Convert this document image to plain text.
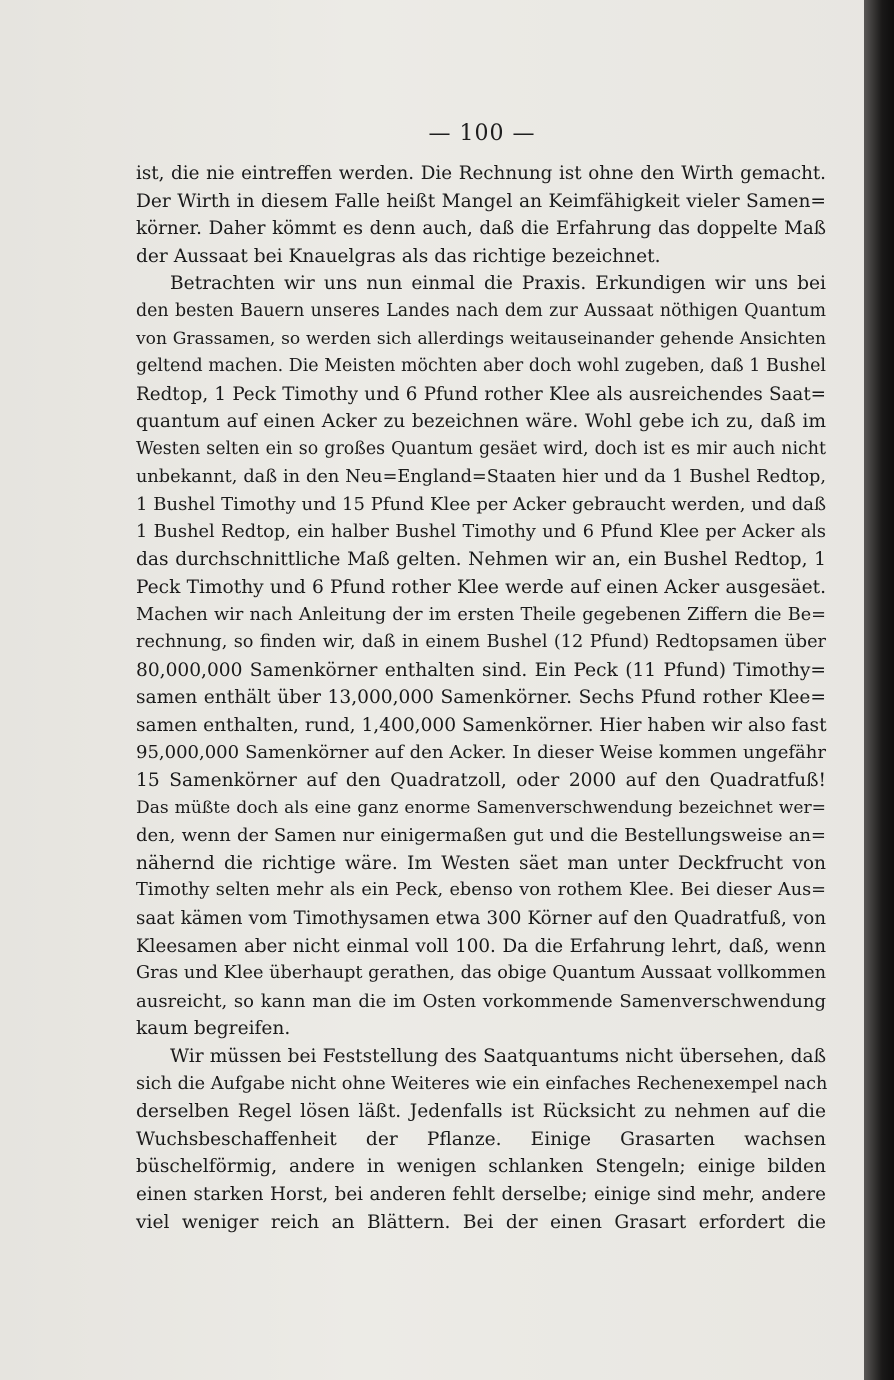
— 100 —
ist, die nie eintreffen werden. Die Rechnung ist ohne den Wirth gemacht.
Der Wirth in diesem Falle heißt Mangel an Keimfähigkeit vieler Samen=
körner. Daher kömmt es denn auch, daß die Erfahrung das doppelte Maß
der Aussaat bei Knauelgras als das richtige bezeichnet.
Betrachten wir uns nun einmal die Praxis. Erkundigen wir uns bei
den besten Bauern unseres Landes nach dem zur Aussaat nöthigen Quantum
von Grassamen, so werden sich allerdings weitauseinander gehende Ansichten
geltend machen. Die Meisten möchten aber doch wohl zugeben, daß 1 Bushel
Redtop, 1 Peck Timothy und 6 Pfund rother Klee als ausreichendes Saat=
quantum auf einen Acker zu bezeichnen wäre. Wohl gebe ich zu, daß im
Westen selten ein so großes Quantum gesäet wird, doch ist es mir auch nicht
unbekannt, daß in den Neu=England=Staaten hier und da 1 Bushel Redtop,
1 Bushel Timothy und 15 Pfund Klee per Acker gebraucht werden, und daß
1 Bushel Redtop, ein halber Bushel Timothy und 6 Pfund Klee per Acker als
das durchschnittliche Maß gelten. Nehmen wir an, ein Bushel Redtop, 1
Peck Timothy und 6 Pfund rother Klee werde auf einen Acker ausgesäet.
Machen wir nach Anleitung der im ersten Theile gegebenen Ziffern die Be=
rechnung, so finden wir, daß in einem Bushel (12 Pfund) Redtopsamen über
80,000,000 Samenkörner enthalten sind. Ein Peck (11 Pfund) Timothy=
samen enthält über 13,000,000 Samenkörner. Sechs Pfund rother Klee=
samen enthalten, rund, 1,400,000 Samenkörner. Hier haben wir also fast
95,000,000 Samenkörner auf den Acker. In dieser Weise kommen ungefähr
15 Samenkörner auf den Quadratzoll, oder 2000 auf den Quadratfuß!
Das müßte doch als eine ganz enorme Samenverschwendung bezeichnet wer=
den, wenn der Samen nur einigermaßen gut und die Bestellungsweise an=
nähernd die richtige wäre. Im Westen säet man unter Deckfrucht von
Timothy selten mehr als ein Peck, ebenso von rothem Klee. Bei dieser Aus=
saat kämen vom Timothysamen etwa 300 Körner auf den Quadratfuß, von
Kleesamen aber nicht einmal voll 100. Da die Erfahrung lehrt, daß, wenn
Gras und Klee überhaupt gerathen, das obige Quantum Aussaat vollkommen
ausreicht, so kann man die im Osten vorkommende Samenverschwendung
kaum begreifen.
Wir müssen bei Feststellung des Saatquantums nicht übersehen, daß
sich die Aufgabe nicht ohne Weiteres wie ein einfaches Rechenexempel nach
derselben Regel lösen läßt. Jedenfalls ist Rücksicht zu nehmen auf die
Wuchsbeschaffenheit der Pflanze. Einige Grasarten wachsen
büschelförmig, andere in wenigen schlanken Stengeln; einige bilden
einen starken Horst, bei anderen fehlt derselbe; einige sind mehr, andere
viel weniger reich an Blättern. Bei der einen Grasart erfordert die
